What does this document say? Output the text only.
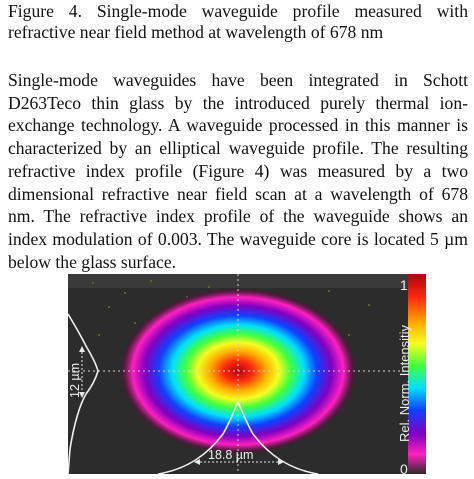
Figure 4. Single-mode waveguide profile measured with refractive near field method at wavelength of 678 nm

Single-mode waveguides have been integrated in Schott D263Teco thin glass by the introduced purely thermal ion-exchange technology. A waveguide processed in this manner is characterized by an elliptical waveguide profile. The resulting refractive index profile (Figure 4) was measured by a two dimensional refractive near field scan at a wavelength of 678 nm. The refractive index profile of the waveguide shows an index modulation of 0.003. The waveguide core is located 5 µm below the glass surface.

12 µm
18.8 µm
1
Rel. Norm. Intensitiy
0
